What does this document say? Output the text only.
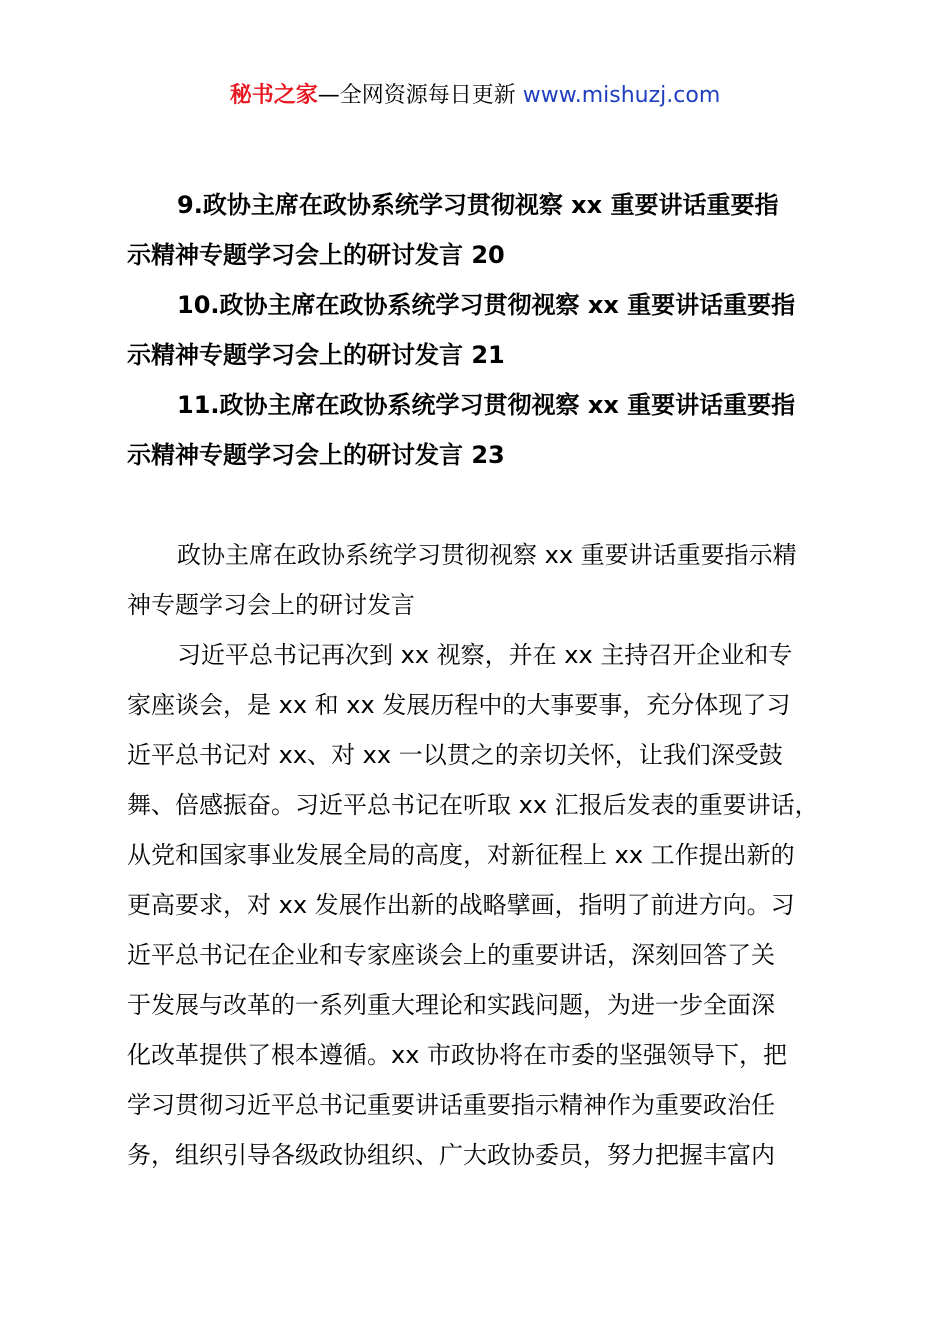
秘书之家—全网资源每日更新 www.mishuzj.com

9.政协主席在政协系统学习贯彻视察 xx 重要讲话重要指
示精神专题学习会上的研讨发言 20

10.政协主席在政协系统学习贯彻视察 xx 重要讲话重要指
示精神专题学习会上的研讨发言 21

11.政协主席在政协系统学习贯彻视察 xx 重要讲话重要指
示精神专题学习会上的研讨发言 23

政协主席在政协系统学习贯彻视察 xx 重要讲话重要指示精
神专题学习会上的研讨发言
习近平总书记再次到 xx 视察，并在 xx 主持召开企业和专
家座谈会，是 xx 和 xx 发展历程中的大事要事，充分体现了习
近平总书记对 xx、对 xx 一以贯之的亲切关怀，让我们深受鼓
舞、倍感振奋。习近平总书记在听取 xx 汇报后发表的重要讲话，
从党和国家事业发展全局的高度，对新征程上 xx 工作提出新的
更高要求，对 xx 发展作出新的战略擘画，指明了前进方向。习
近平总书记在企业和专家座谈会上的重要讲话，深刻回答了关
于发展与改革的一系列重大理论和实践问题，为进一步全面深
化改革提供了根本遵循。xx 市政协将在市委的坚强领导下，把
学习贯彻习近平总书记重要讲话重要指示精神作为重要政治任
务，组织引导各级政协组织、广大政协委员，努力把握丰富内
